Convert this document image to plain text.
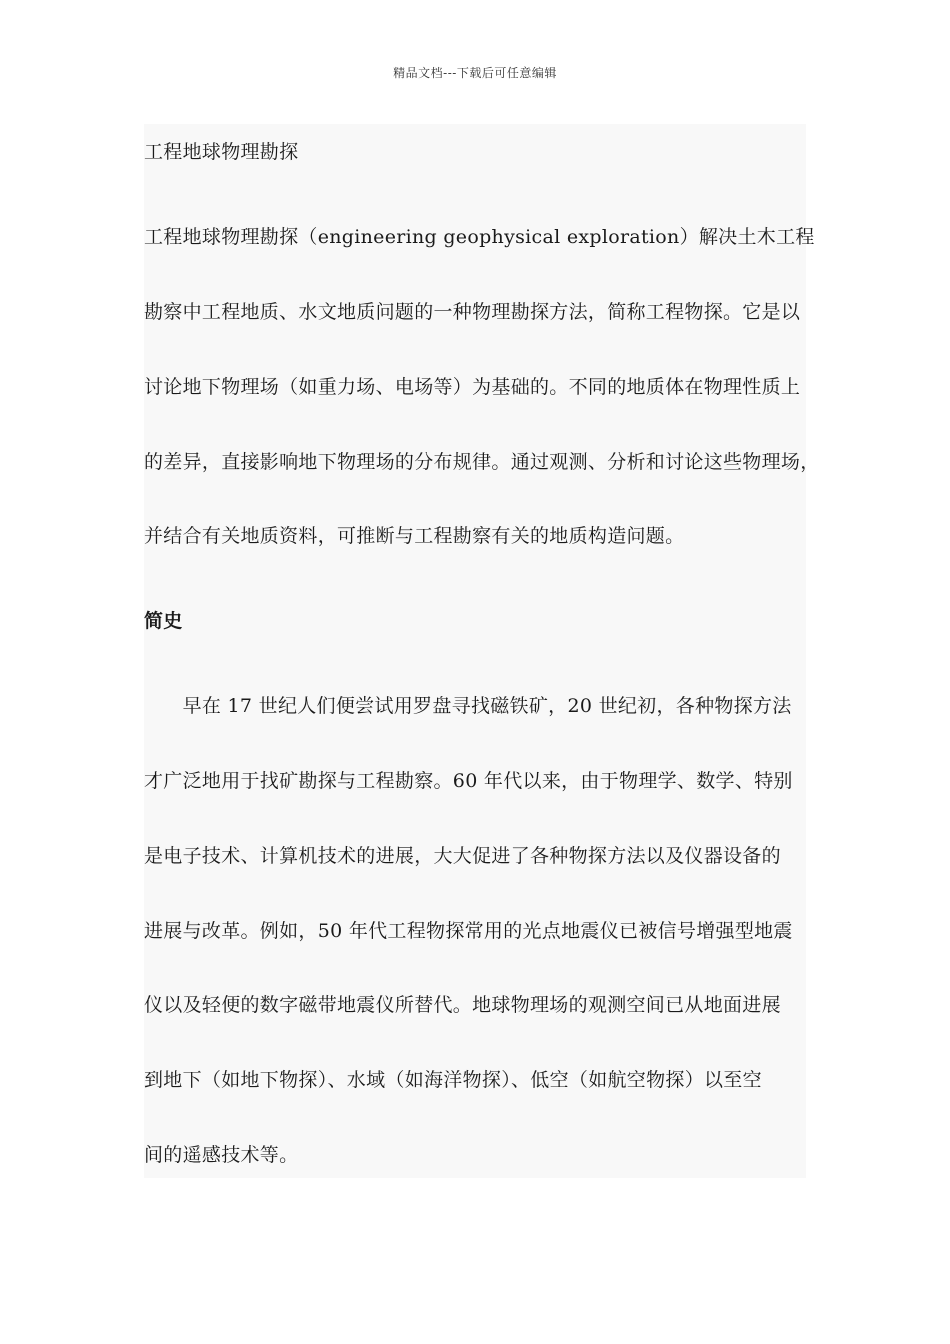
精品文档---下载后可任意编辑
工程地球物理勘探
工程地球物理勘探（engineering geophysical exploration）解决土木工程
勘察中工程地质、水文地质问题的一种物理勘探方法，简称工程物探。它是以
讨论地下物理场（如重力场、电场等）为基础的。不同的地质体在物理性质上
的差异，直接影响地下物理场的分布规律。通过观测、分析和讨论这些物理场，
并结合有关地质资料，可推断与工程勘察有关的地质构造问题。
简史
　　早在 17 世纪人们便尝试用罗盘寻找磁铁矿，20 世纪初，各种物探方法
才广泛地用于找矿勘探与工程勘察。60 年代以来，由于物理学、数学、特别
是电子技术、计算机技术的进展，大大促进了各种物探方法以及仪器设备的
进展与改革。例如，50 年代工程物探常用的光点地震仪已被信号增强型地震
仪以及轻便的数字磁带地震仪所替代。地球物理场的观测空间已从地面进展
到地下（如地下物探）、水域（如海洋物探）、低空（如航空物探）以至空
间的遥感技术等。
